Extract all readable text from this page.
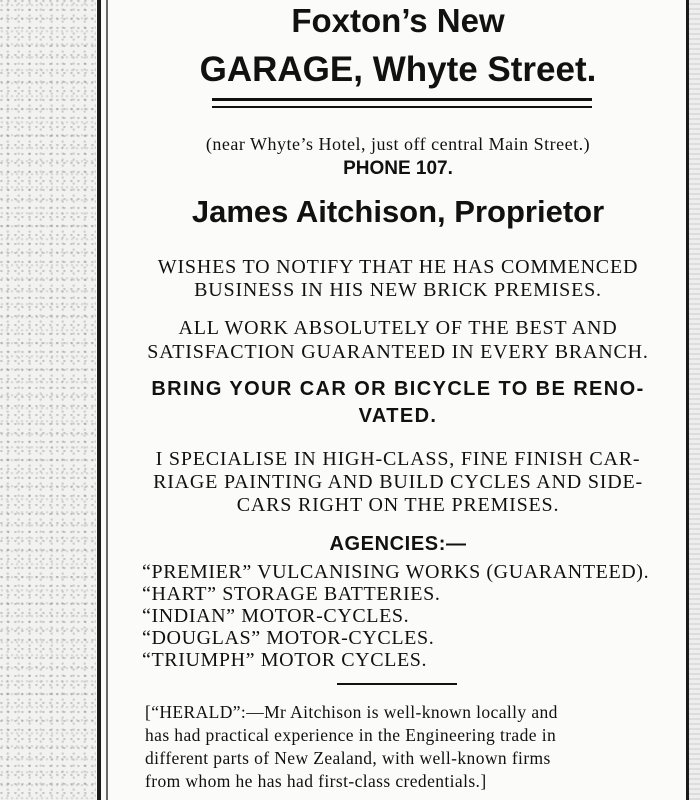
Foxton’s New
GARAGE, Whyte Street.
(near Whyte’s Hotel, just off central Main Street.)
PHONE 107.
James Aitchison, Proprietor
WISHES TO NOTIFY THAT HE HAS COMMENCED
BUSINESS IN HIS NEW BRICK PREMISES.
ALL WORK ABSOLUTELY OF THE BEST AND
SATISFACTION GUARANTEED IN EVERY BRANCH.
BRING YOUR CAR OR BICYCLE TO BE RENO-
VATED.
I SPECIALISE IN HIGH-CLASS, FINE FINISH CAR-
RIAGE PAINTING AND BUILD CYCLES AND SIDE-
CARS RIGHT ON THE PREMISES.
AGENCIES:—
“PREMIER” VULCANISING WORKS (GUARANTEED).
“HART” STORAGE BATTERIES.
“INDIAN” MOTOR-CYCLES.
“DOUGLAS” MOTOR-CYCLES.
“TRIUMPH” MOTOR CYCLES.
[“HERALD”:—Mr Aitchison is well-known locally and
has had practical experience in the Engineering trade in
different parts of New Zealand, with well-known firms
from whom he has had first-class credentials.]
